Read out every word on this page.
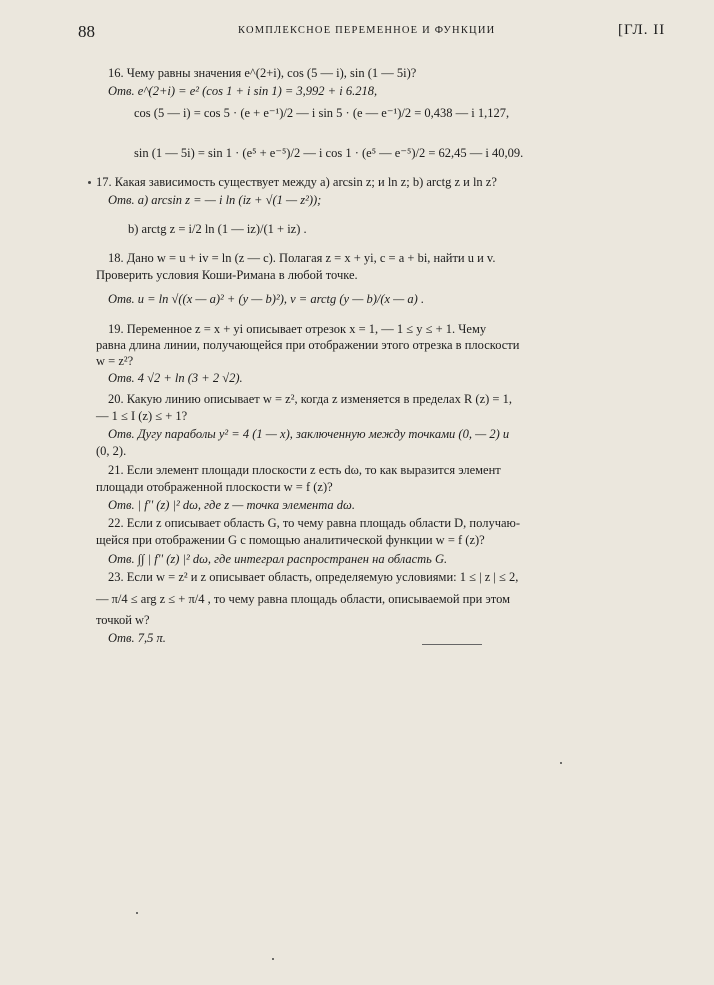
88	КОМПЛЕКСНОЕ ПЕРЕМЕННОЕ И ФУНКЦИИ	[ГЛ. II
16. Чему равны значения e^(2+i), cos (5 — i), sin (1 — 5i)?
Отв. e^(2+i) = e² (cos 1 + i sin 1) = 3,992 + i 6.218,
cos (5 — i) = cos 5 · (e + e⁻¹)/2 — i sin 5 · (e — e⁻¹)/2 = 0,438 — i 1,127,
sin (1 — 5i) = sin 1 · (e⁵ + e⁻⁵)/2 — i cos 1 · (e⁵ — e⁻⁵)/2 = 62,45 — i 40,09.
17. Какая зависимость существует между a) arcsin z; и ln z; b) arctg z и ln z?
Отв. a) arcsin z = — i ln (iz + √(1 — z²));
b) arctg z = i/2 ln (1 — iz)/(1 + iz) .
18. Дано w = u + iv = ln (z — c). Полагая z = x + yi, c = a + bi, найти u и v.
Проверить условия Коши-Римана в любой точке.
Отв. u = ln √((x — a)² + (y — b)²), v = arctg (y — b)/(x — a) .
19. Переменное z = x + yi описывает отрезок x = 1, — 1 ≤ y ≤ + 1. Чему
равна длина линии, получающейся при отображении этого отрезка в плоскости
w = z²?
Отв. 4 √2 + ln (3 + 2 √2).
20. Какую линию описывает w = z², когда z изменяется в пределах R (z) = 1,
— 1 ≤ I (z) ≤ + 1?
Отв. Дугу параболы y² = 4 (1 — x), заключенную между точками (0, — 2) и
(0, 2).
21. Если элемент площади плоскости z есть dω, то как выразится элемент
площади отображенной плоскости w = f (z)?
Отв. | f'' (z) |² dω, где z — точка элемента dω.
22. Если z описывает область G, то чему равна площадь области D, получаю-
щейся при отображении G с помощью аналитической функции w = f (z)?
Отв. ∫∫ | f'' (z) |² dω, где интеграл распространен на область G.
23. Если w = z² и z описывает область, определяемую условиями: 1 ≤ | z | ≤ 2,
— π/4 ≤ arg z ≤ + π/4 , то чему равна площадь области, описываемой при этом
точкой w?
Отв. 7,5 π.
